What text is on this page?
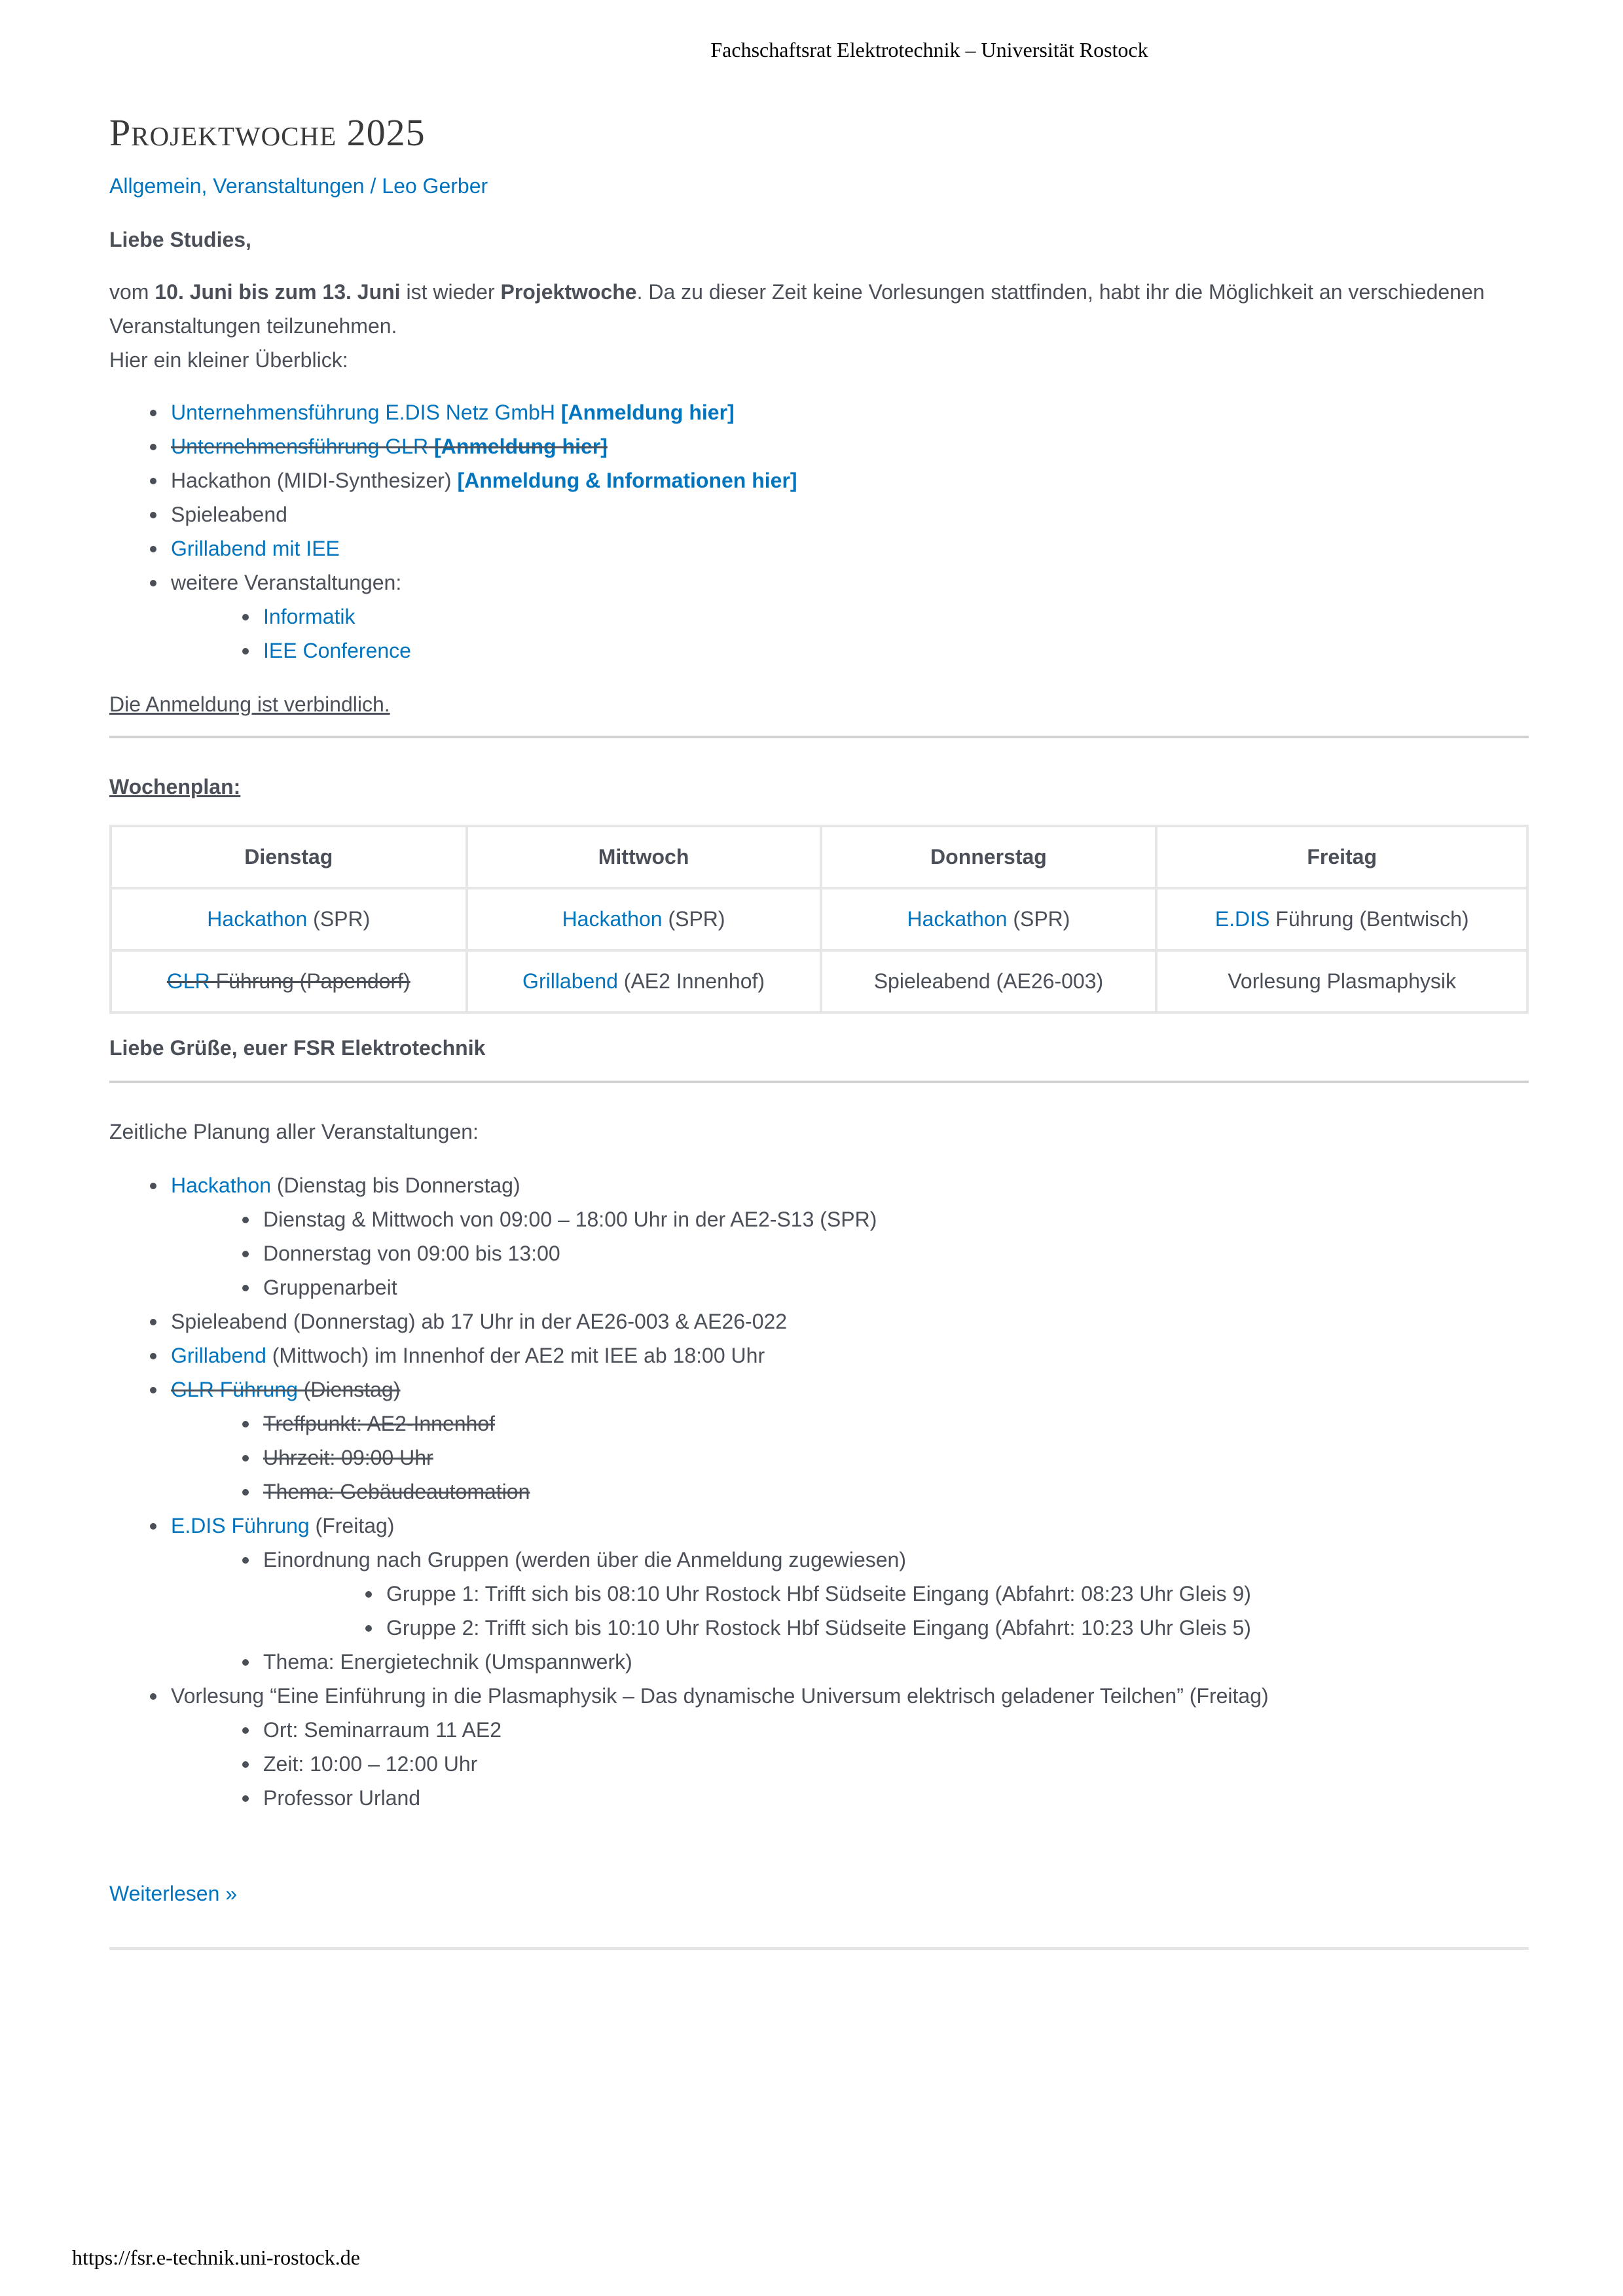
Fachschaftsrat Elektrotechnik – Universität Rostock
Projektwoche 2025
Allgemein, Veranstaltungen / Leo Gerber

Liebe Studies,

vom 10. Juni bis zum 13. Juni ist wieder Projektwoche. Da zu dieser Zeit keine Vorlesungen stattfinden, habt ihr die Möglichkeit an verschiedenen Veranstaltungen teilzunehmen.
Hier ein kleiner Überblick:

Unternehmensführung E.DIS Netz GmbH [Anmeldung hier]
Unternehmensführung GLR [Anmeldung hier]
Hackathon (MIDI-Synthesizer) [Anmeldung & Informationen hier]
Spieleabend
Grillabend mit IEE
weitere Veranstaltungen:
Informatik
IEE Conference

Die Anmeldung ist verbindlich.

Wochenplan:

Dienstag	Mittwoch	Donnerstag	Freitag
Hackathon (SPR)	Hackathon (SPR)	Hackathon (SPR)	E.DIS Führung (Bentwisch)
GLR Führung (Papendorf)	Grillabend (AE2 Innenhof)	Spieleabend (AE26-003)	Vorlesung Plasmaphysik

Liebe Grüße, euer FSR Elektrotechnik

Zeitliche Planung aller Veranstaltungen:

Hackathon (Dienstag bis Donnerstag)
Dienstag & Mittwoch von 09:00 – 18:00 Uhr in der AE2-S13 (SPR)
Donnerstag von 09:00 bis 13:00
Gruppenarbeit
Spieleabend (Donnerstag) ab 17 Uhr in der AE26-003 & AE26-022
Grillabend (Mittwoch) im Innenhof der AE2 mit IEE ab 18:00 Uhr
GLR Führung (Dienstag)
Treffpunkt: AE2-Innenhof
Uhrzeit: 09:00 Uhr
Thema: Gebäudeautomation
E.DIS Führung (Freitag)
Einordnung nach Gruppen (werden über die Anmeldung zugewiesen)
Gruppe 1: Trifft sich bis 08:10 Uhr Rostock Hbf Südseite Eingang (Abfahrt: 08:23 Uhr Gleis 9)
Gruppe 2: Trifft sich bis 10:10 Uhr Rostock Hbf Südseite Eingang (Abfahrt: 10:23 Uhr Gleis 5)
Thema: Energietechnik (Umspannwerk)
Vorlesung “Eine Einführung in die Plasmaphysik – Das dynamische Universum elektrisch geladener Teilchen” (Freitag)
Ort: Seminarraum 11 AE2
Zeit: 10:00 – 12:00 Uhr
Professor Urland

Weiterlesen »

https://fsr.e-technik.uni-rostock.de
